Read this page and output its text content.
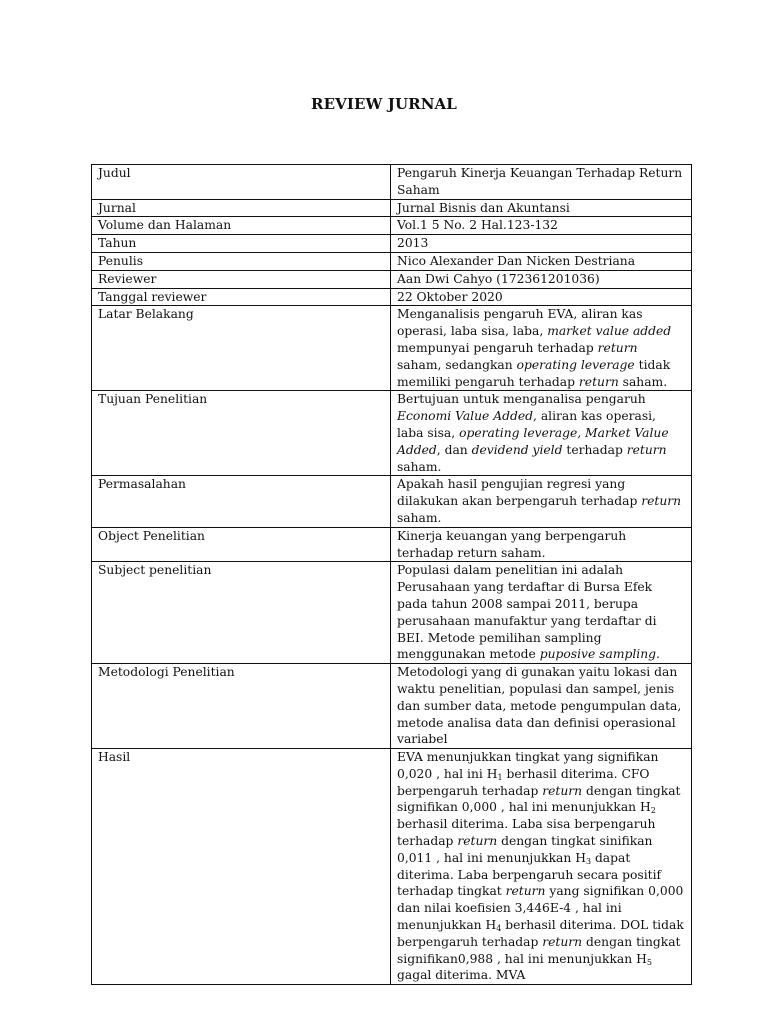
REVIEW JURNAL
Judul	Pengaruh Kinerja Keuangan Terhadap Return Saham
Jurnal	Jurnal Bisnis dan Akuntansi
Volume dan Halaman	Vol.1 5 No. 2 Hal.123-132
Tahun	2013
Penulis	Nico Alexander Dan Nicken Destriana
Reviewer	Aan Dwi Cahyo (172361201036)
Tanggal reviewer	22 Oktober 2020
Latar Belakang	Menganalisis pengaruh EVA, aliran kas operasi, laba sisa, laba, market value added mempunyai pengaruh terhadap return saham, sedangkan operating leverage tidak memiliki pengaruh terhadap return saham.
Tujuan Penelitian	Bertujuan untuk menganalisa pengaruh Economi Value Added, aliran kas operasi, laba sisa, operating leverage, Market Value Added, dan devidend yield terhadap return saham.
Permasalahan	Apakah hasil pengujian regresi yang dilakukan akan berpengaruh terhadap return saham.
Object Penelitian	Kinerja keuangan yang berpengaruh terhadap return saham.
Subject penelitian	Populasi dalam penelitian ini adalah Perusahaan yang terdaftar di Bursa Efek pada tahun 2008 sampai 2011, berupa perusahaan manufaktur yang terdaftar di BEI. Metode pemilihan sampling menggunakan metode puposive sampling.
Metodologi Penelitian	Metodologi yang di gunakan yaitu lokasi dan waktu penelitian, populasi dan sampel, jenis dan sumber data, metode pengumpulan data, metode analisa data dan definisi operasional variabel
Hasil	EVA menunjukkan tingkat yang signifikan 0,020 , hal ini $H_1$ berhasil diterima. CFO berpengaruh terhadap return dengan tingkat signifikan 0,000 , hal ini menunjukkan $H_2$ berhasil diterima. Laba sisa berpengaruh terhadap return dengan tingkat sinifikan 0,011 , hal ini menunjukkan $H_3$ dapat diterima. Laba berpengaruh secara positif terhadap tingkat return yang signifikan 0,000 dan nilai koefisien 3,446E-4 , hal ini menunjukkan $H_4$ berhasil diterima. DOL tidak berpengaruh terhadap return dengan tingkat signifikan0,988 , hal ini menunjukkan $H_5$ gagal diterima. MVA
